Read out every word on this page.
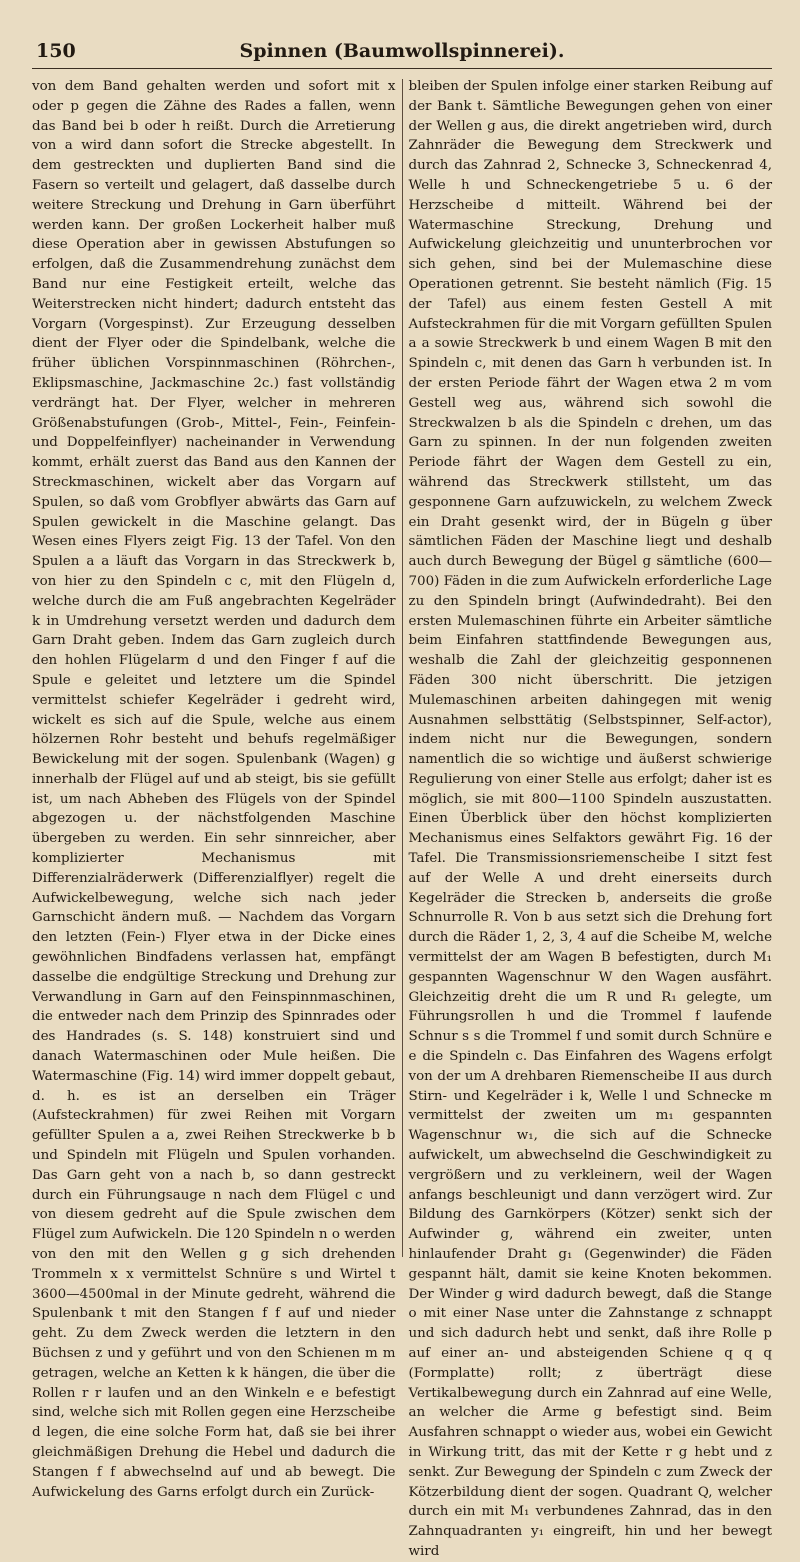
150	Spinnen (Baumwollspinnerei).

von dem Band gehalten werden und sofort mit x oder p gegen die Zähne des Rades a fallen, wenn das Band bei b oder h reißt. Durch die Arretierung von a wird dann sofort die Strecke abgestellt. In dem gestreckten und duplierten Band sind die Fasern so verteilt und gelagert, daß dasselbe durch weitere Streckung und Drehung in Garn überführt werden kann. Der großen Lockerheit halber muß diese Operation aber in gewissen Abstufungen so erfolgen, daß die Zusammendrehung zunächst dem Band nur eine Festigkeit erteilt, welche das Weiterstrecken nicht hindert; dadurch entsteht das Vorgarn (Vorgespinst). Zur Erzeugung desselben dient der Flyer oder die Spindelbank, welche die früher üblichen Vorspinnmaschinen (Röhrchen-, Eklipsmaschine, Jackmaschine 2c.) fast vollständig verdrängt hat. Der Flyer, welcher in mehreren Größenabstufungen (Grob-, Mittel-, Fein-, Feinfein- und Doppelfeinflyer) nacheinander in Verwendung kommt, erhält zuerst das Band aus den Kannen der Streckmaschinen, wickelt aber das Vorgarn auf Spulen, so daß vom Grobflyer abwärts das Garn auf Spulen gewickelt in die Maschine gelangt. Das Wesen eines Flyers zeigt Fig. 13 der Tafel. Von den Spulen a a läuft das Vorgarn in das Streckwerk b, von hier zu den Spindeln c c, mit den Flügeln d, welche durch die am Fuß angebrachten Kegelräder k in Umdrehung versetzt werden und dadurch dem Garn Draht geben. Indem das Garn zugleich durch den hohlen Flügelarm d und den Finger f auf die Spule e geleitet und letztere um die Spindel vermittelst schiefer Kegelräder i gedreht wird, wickelt es sich auf die Spule, welche aus einem hölzernen Rohr besteht und behufs regelmäßiger Bewickelung mit der sogen. Spulenbank (Wagen) g innerhalb der Flügel auf und ab steigt, bis sie gefüllt ist, um nach Abheben des Flügels von der Spindel abgezogen u. der nächstfolgenden Maschine übergeben zu werden. Ein sehr sinnreicher, aber komplizierter Mechanismus mit Differenzialräderwerk (Differenzialflyer) regelt die Aufwickelbewegung, welche sich nach jeder Garnschicht ändern muß. — Nachdem das Vorgarn den letzten (Fein-) Flyer etwa in der Dicke eines gewöhnlichen Bindfadens verlassen hat, empfängt dasselbe die endgültige Streckung und Drehung zur Verwandlung in Garn auf den Feinspinnmaschinen, die entweder nach dem Prinzip des Spinnrades oder des Handrades (s. S. 148) konstruiert sind und danach Watermaschinen oder Mule heißen. Die Watermaschine (Fig. 14) wird immer doppelt gebaut, d. h. es ist an derselben ein Träger (Aufsteckrahmen) für zwei Reihen mit Vorgarn gefüllter Spulen a a, zwei Reihen Streckwerke b b und Spindeln mit Flügeln und Spulen vorhanden. Das Garn geht von a nach b, so dann gestreckt durch ein Führungsauge n nach dem Flügel c und von diesem gedreht auf die Spule zwischen dem Flügel zum Aufwickeln. Die 120 Spindeln n o werden von den mit den Wellen g g sich drehenden Trommeln x x vermittelst Schnüre s und Wirtel t 3600—4500mal in der Minute gedreht, während die Spulenbank t mit den Stangen f f auf und nieder geht. Zu dem Zweck werden die letztern in den Büchsen z und y geführt und von den Schienen m m getragen, welche an Ketten k k hängen, die über die Rollen r r laufen und an den Winkeln e e befestigt sind, welche sich mit Rollen gegen eine Herzscheibe d legen, die eine solche Form hat, daß sie bei ihrer gleichmäßigen Drehung die Hebel und dadurch die Stangen f f abwechselnd auf und ab bewegt. Die Aufwickelung des Garns erfolgt durch ein Zurück-

bleiben der Spulen infolge einer starken Reibung auf der Bank t. Sämtliche Bewegungen gehen von einer der Wellen g aus, die direkt angetrieben wird, durch Zahnräder die Bewegung dem Streckwerk und durch das Zahnrad 2, Schnecke 3, Schneckenrad 4, Welle h und Schneckengetriebe 5 u. 6 der Herzscheibe d mitteilt. Während bei der Watermaschine Streckung, Drehung und Aufwickelung gleichzeitig und ununterbrochen vor sich gehen, sind bei der Mulemaschine diese Operationen getrennt. Sie besteht nämlich (Fig. 15 der Tafel) aus einem festen Gestell A mit Aufsteckrahmen für die mit Vorgarn gefüllten Spulen a a sowie Streckwerk b und einem Wagen B mit den Spindeln c, mit denen das Garn h verbunden ist. In der ersten Periode fährt der Wagen etwa 2 m vom Gestell weg aus, während sich sowohl die Streckwalzen b als die Spindeln c drehen, um das Garn zu spinnen. In der nun folgenden zweiten Periode fährt der Wagen dem Gestell zu ein, während das Streckwerk stillsteht, um das gesponnene Garn aufzuwickeln, zu welchem Zweck ein Draht gesenkt wird, der in Bügeln g über sämtlichen Fäden der Maschine liegt und deshalb auch durch Bewegung der Bügel g sämtliche (600—700) Fäden in die zum Aufwickeln erforderliche Lage zu den Spindeln bringt (Aufwindedraht). Bei den ersten Mulemaschinen führte ein Arbeiter sämtliche beim Einfahren stattfindende Bewegungen aus, weshalb die Zahl der gleichzeitig gesponnenen Fäden 300 nicht überschritt. Die jetzigen Mulemaschinen arbeiten dahingegen mit wenig Ausnahmen selbsttätig (Selbstspinner, Self-actor), indem nicht nur die Bewegungen, sondern namentlich die so wichtige und äußerst schwierige Regulierung von einer Stelle aus erfolgt; daher ist es möglich, sie mit 800—1100 Spindeln auszustatten. Einen Überblick über den höchst komplizierten Mechanismus eines Selfaktors gewährt Fig. 16 der Tafel. Die Transmissionsriemenscheibe I sitzt fest auf der Welle A und dreht einerseits durch Kegelräder die Strecken b, anderseits die große Schnurrolle R. Von b aus setzt sich die Drehung fort durch die Räder 1, 2, 3, 4 auf die Scheibe M, welche vermittelst der am Wagen B befestigten, durch M₁ gespannten Wagenschnur W den Wagen ausfährt. Gleichzeitig dreht die um R und R₁ gelegte, um Führungsrollen h und die Trommel f laufende Schnur s s die Trommel f und somit durch Schnüre e e die Spindeln c. Das Einfahren des Wagens erfolgt von der um A drehbaren Riemenscheibe II aus durch Stirn- und Kegelräder i k, Welle l und Schnecke m vermittelst der zweiten um m₁ gespannten Wagenschnur w₁, die sich auf die Schnecke aufwickelt, um abwechselnd die Geschwindigkeit zu vergrößern und zu verkleinern, weil der Wagen anfangs beschleunigt und dann verzögert wird. Zur Bildung des Garnkörpers (Kötzer) senkt sich der Aufwinder g, während ein zweiter, unten hinlaufender Draht g₁ (Gegenwinder) die Fäden gespannt hält, damit sie keine Knoten bekommen. Der Winder g wird dadurch bewegt, daß die Stange o mit einer Nase unter die Zahnstange z schnappt und sich dadurch hebt und senkt, daß ihre Rolle p auf einer an- und absteigenden Schiene q q q (Formplatte) rollt; z überträgt diese Vertikalbewegung durch ein Zahnrad auf eine Welle, an welcher die Arme g befestigt sind. Beim Ausfahren schnappt o wieder aus, wobei ein Gewicht in Wirkung tritt, das mit der Kette r g hebt und z senkt. Zur Bewegung der Spindeln c zum Zweck der Kötzerbildung dient der sogen. Quadrant Q, welcher durch ein mit M₁ verbundenes Zahnrad, das in den Zahnquadranten y₁ eingreift, hin und her bewegt wird
